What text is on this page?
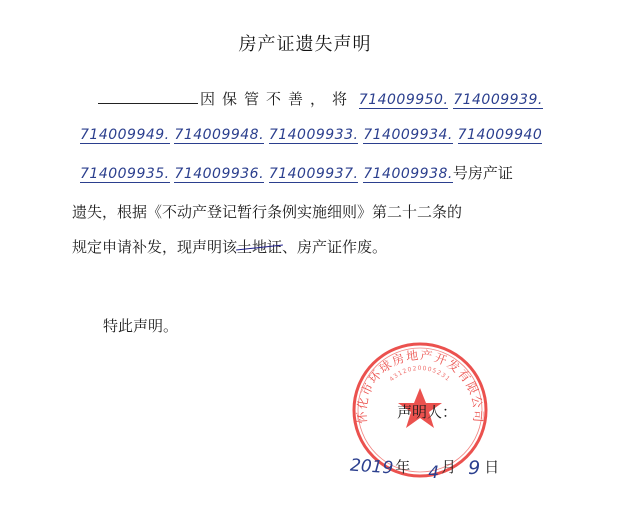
房产证遗失声明
因保管不善，将 714009950. 714009939.
714009949. 714009948. 714009933. 714009934. 714009940
714009935. 714009936. 714009937. 714009938.号房产证
遗失，根据《不动产登记暂行条例实施细则》第二十二条的
规定申请补发，现声明该土地证、房产证作废。
特此声明。
怀化市环球房地产开发有限公司
4312020005231
声明人：
2019年 4 月 9 日
